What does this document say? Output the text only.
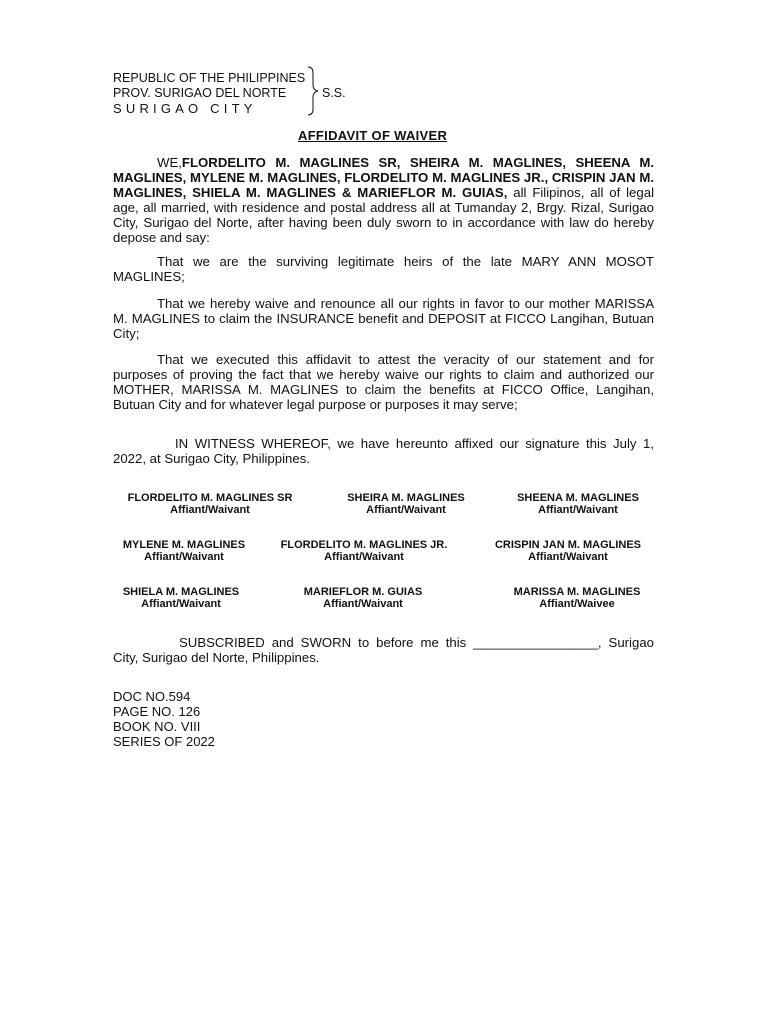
REPUBLIC OF THE PHILIPPINES
PROV. SURIGAO DEL NORTE
SURIGAO CITY
S.S.
AFFIDAVIT OF WAIVER
WE,FLORDELITO M. MAGLINES SR, SHEIRA M. MAGLINES, SHEENA M. MAGLINES, MYLENE M. MAGLINES, FLORDELITO M. MAGLINES JR., CRISPIN JAN M. MAGLINES, SHIELA M. MAGLINES & MARIEFLOR M. GUIAS, all Filipinos, all of legal age, all married, with residence and postal address all at Tumanday 2, Brgy. Rizal, Surigao City, Surigao del Norte, after having been duly sworn to in accordance with law do hereby depose and say:
That we are the surviving legitimate heirs of the late MARY ANN MOSOT MAGLINES;
That we hereby waive and renounce all our rights in favor to our mother MARISSA M. MAGLINES to claim the INSURANCE benefit and DEPOSIT at FICCO Langihan, Butuan City;
That we executed this affidavit to attest the veracity of our statement and for purposes of proving the fact that we hereby waive our rights to claim and authorized our MOTHER, MARISSA M. MAGLINES to claim the benefits at FICCO Office, Langihan, Butuan City and for whatever legal purpose or purposes it may serve;
IN WITNESS WHEREOF, we have hereunto affixed our signature this July 1, 2022, at Surigao City, Philippines.
FLORDELITO M. MAGLINES SR
Affiant/Waivant
SHEIRA M. MAGLINES
Affiant/Waivant
SHEENA M. MAGLINES
Affiant/Waivant
MYLENE M. MAGLINES
Affiant/Waivant
FLORDELITO M. MAGLINES JR.
Affiant/Waivant
CRISPIN JAN M. MAGLINES
Affiant/Waivant
SHIELA M. MAGLINES
Affiant/Waivant
MARIEFLOR M. GUIAS
Affiant/Waivant
MARISSA M. MAGLINES
Affiant/Waivee
SUBSCRIBED and SWORN to before me this _________________, Surigao City, Surigao del Norte, Philippines.
DOC NO.594
PAGE NO. 126
BOOK NO. VIII
SERIES OF 2022
